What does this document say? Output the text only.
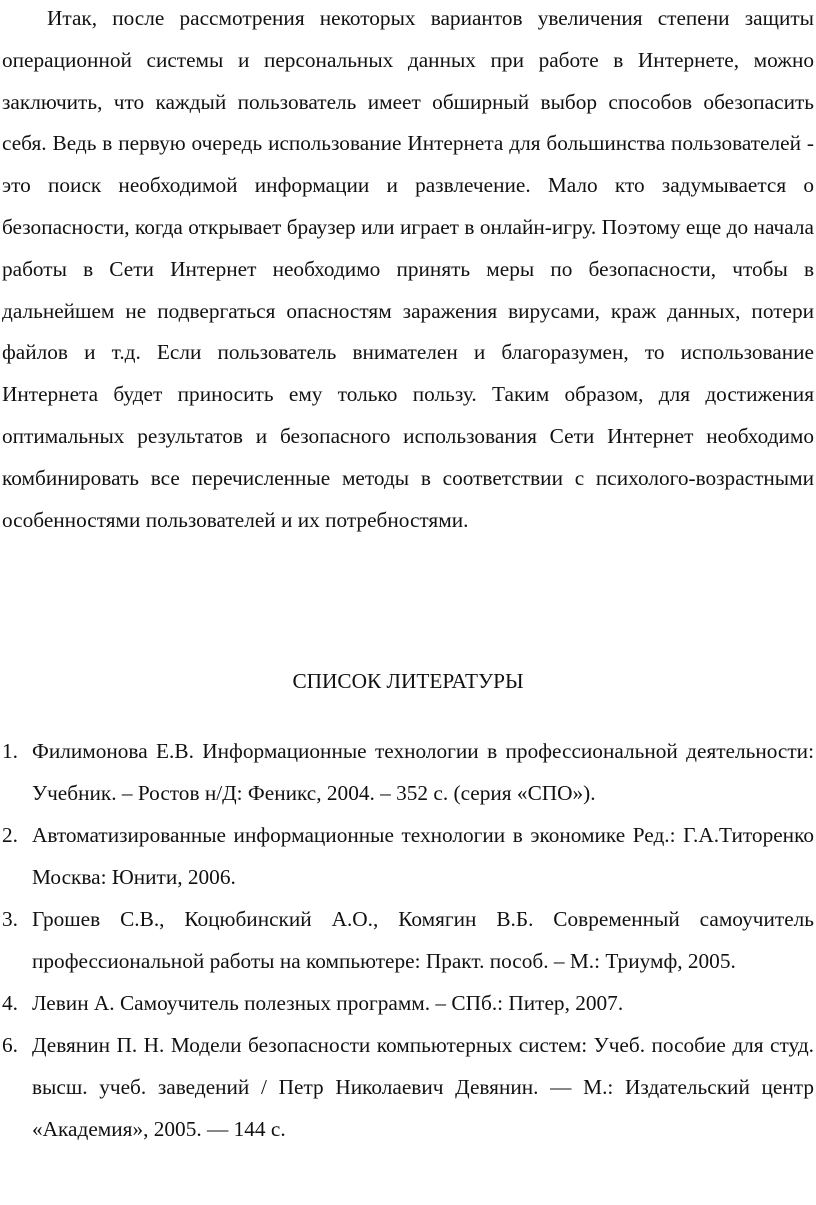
Итак, после рассмотрения некоторых вариантов увеличения степени защиты операционной системы и персональных данных при работе в Интернете, можно заключить, что каждый пользователь имеет обширный выбор способов обезопасить себя. Ведь в первую очередь использование Интернета для большинства пользователей - это поиск необходимой информации и развлечение. Мало кто задумывается о безопасности, когда открывает браузер или играет в онлайн-игру. Поэтому еще до начала работы в Сети Интернет необходимо принять меры по безопасности, чтобы в дальнейшем не подвергаться опасностям заражения вирусами, краж данных, потери файлов и т.д. Если пользователь внимателен и благоразумен, то использование Интернета будет приносить ему только пользу. Таким образом, для достижения оптимальных результатов и безопасного использования Сети Интернет необходимо комбинировать все перечисленные методы в соответствии с психолого-возрастными особенностями пользователей и их потребностями.

СПИСОК ЛИТЕРАТУРЫ
1. Филимонова Е.В. Информационные технологии в профессиональной деятельности: Учебник. – Ростов н/Д: Феникс, 2004. – 352 с. (серия «СПО»).
2. Автоматизированные информационные технологии в экономике Ред.: Г.А.Титоренко Москва: Юнити, 2006.
3. Грошев С.В., Коцюбинский А.О., Комягин В.Б. Современный самоучитель профессиональной работы на компьютере: Практ. пособ. – М.: Триумф, 2005.
4. Левин А. Самоучитель полезных программ. – СПб.: Питер, 2007.
6. Девянин П. Н. Модели безопасности компьютерных систем: Учеб. пособие для студ. высш. учеб. заведений / Петр Николаевич Девянин. — М.: Издательский центр «Академия», 2005. — 144 с.
